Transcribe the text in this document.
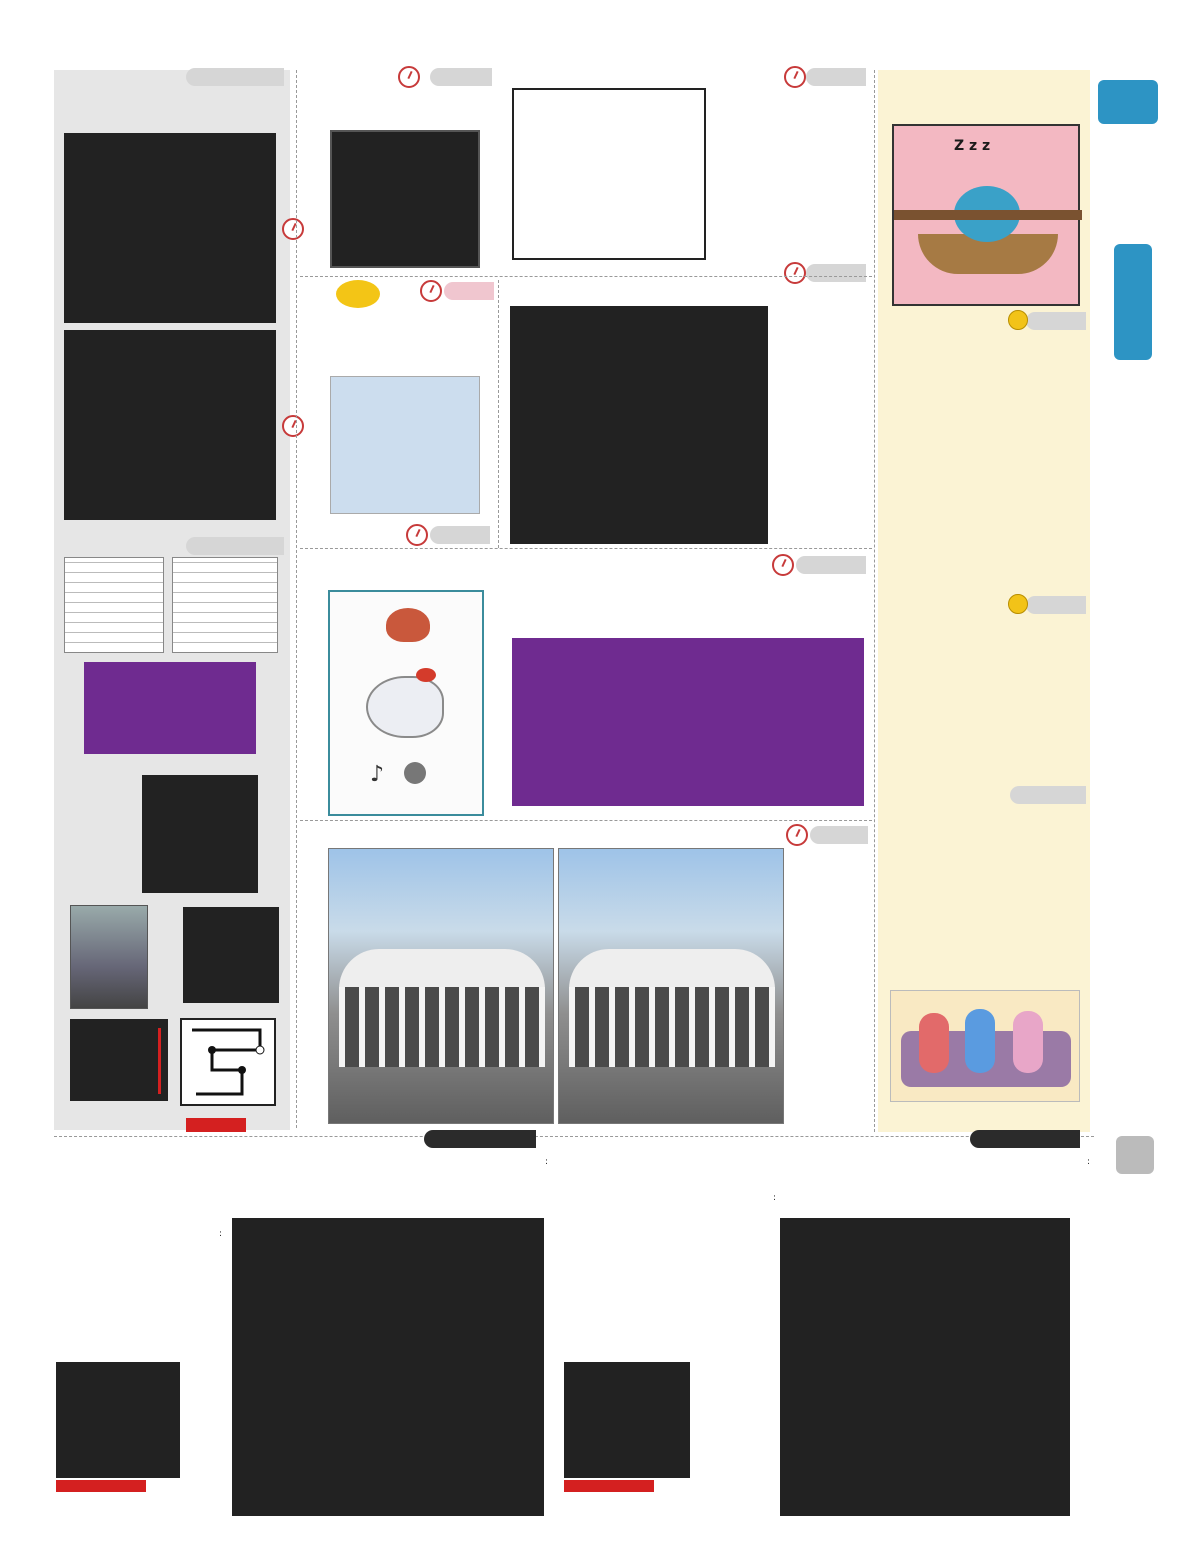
♪
Z z z
:
:
:
:
